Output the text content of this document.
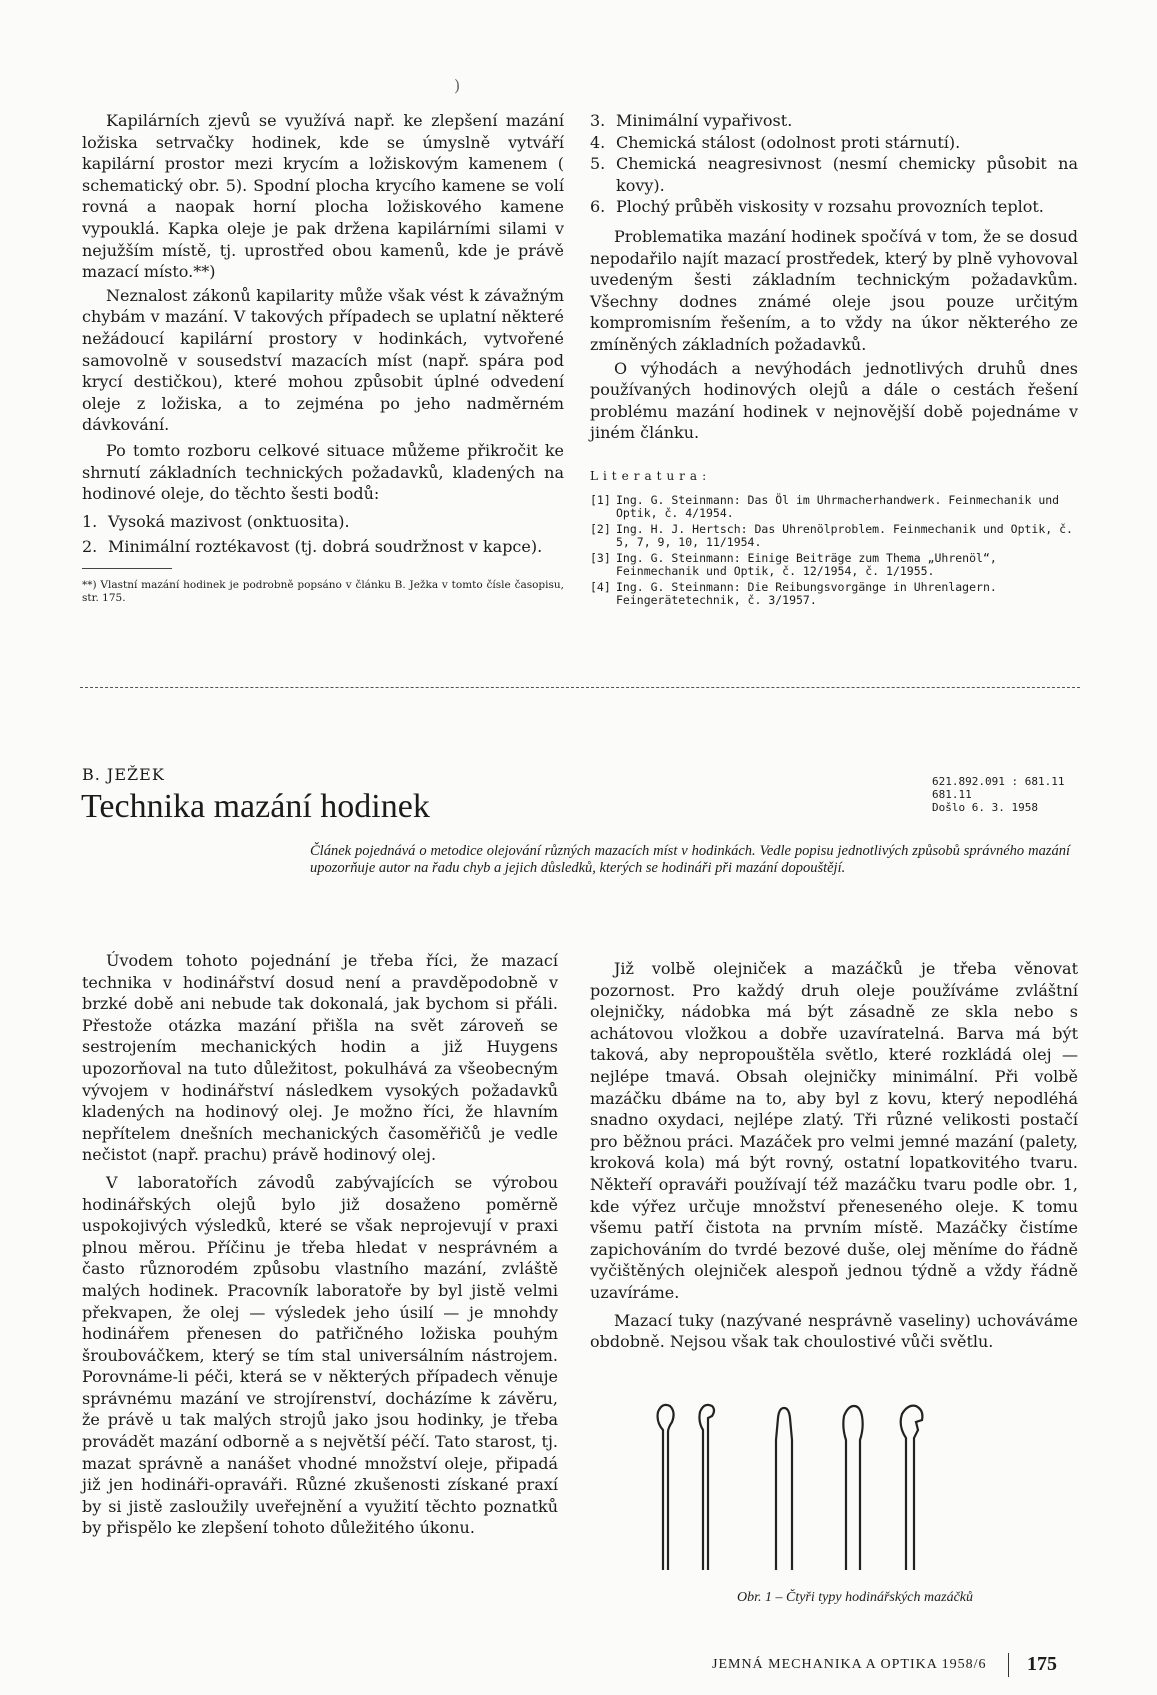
)

Kapilárních zjevů se využívá např. ke zlepšení mazání ložiska setrvačky hodinek, kde se úmyslně vytváří kapilární prostor mezi krycím a ložiskovým kamenem ( schematický obr. 5). Spodní plocha krycího kamene se volí rovná a naopak horní plocha ložiskového kamene vypouklá. Kapka oleje je pak držena kapilárními silami v nejužším místě, tj. uprostřed obou kamenů, kde je právě mazací místo.**)

Neznalost zákonů kapilarity může však vést k závažným chybám v mazání. V takových případech se uplatní některé nežádoucí kapilární prostory v hodinkách, vytvořené samovolně v sousedství mazacích míst (např. spára pod krycí destičkou), které mohou způsobit úplné odvedení oleje z ložiska, a to zejména po jeho nadměrném dávkování.

Po tomto rozboru celkové situace můžeme přikročit ke shrnutí základních technických požadavků, kladených na hodinové oleje, do těchto šesti bodů:

1. Vysoká mazivost (onktuosita).

2. Minimální roztékavost (tj. dobrá soudržnost v kapce).

**) Vlastní mazání hodinek je podrobně popsáno v článku B. Ježka v tomto čísle časopisu, str. 175.

3. Minimální vypařivost.

4. Chemická stálost (odolnost proti stárnutí).

5. Chemická neagresivnost (nesmí chemicky působit na kovy).

6. Plochý průběh viskosity v rozsahu provozních teplot.

Problematika mazání hodinek spočívá v tom, že se dosud nepodařilo najít mazací prostředek, který by plně vyhovoval uvedeným šesti základním technickým požadavkům. Všechny dodnes známé oleje jsou pouze určitým kompromisním řešením, a to vždy na úkor některého ze zmíněných základních požadavků.

O výhodách a nevýhodách jednotlivých druhů dnes používaných hodinových olejů a dále o cestách řešení problému mazání hodinek v nejnovější době pojednáme v jiném článku.

Literatura:
[1] Ing. G. Steinmann: Das Öl im Uhrmacherhandwerk. Feinmechanik und Optik, č. 4/1954.
[2] Ing. H. J. Hertsch: Das Uhrenölproblem. Feinmechanik und Optik, č. 5, 7, 9, 10, 11/1954.
[3] Ing. G. Steinmann: Einige Beiträge zum Thema „Uhrenöl“, Feinmechanik und Optik, č. 12/1954, č. 1/1955.
[4] Ing. G. Steinmann: Die Reibungsvorgänge in Uhrenlagern. Feingerätetechnik, č. 3/1957.
B. JEŽEK
Technika mazání hodinek
621.892.091 : 681.11
681.11
Došlo 6. 3. 1958
Článek pojednává o metodice olejování různých mazacích míst v hodinkách. Vedle popisu jednotlivých způsobů správného mazání upozorňuje autor na řadu chyb a jejich důsledků, kterých se hodináři při mazání dopouštějí.

Úvodem tohoto pojednání je třeba říci, že mazací technika v hodinářství dosud není a pravděpodobně v brzké době ani nebude tak dokonalá, jak bychom si přáli. Přestože otázka mazání přišla na svět zároveň se sestrojením mechanických hodin a již Huygens upozorňoval na tuto důležitost, pokulhává za všeobecným vývojem v hodinářství následkem vysokých požadavků kladených na hodinový olej. Je možno říci, že hlavním nepřítelem dnešních mechanických časoměřičů je vedle nečistot (např. prachu) právě hodinový olej.

V laboratořích závodů zabývajících se výrobou hodinářských olejů bylo již dosaženo poměrně uspokojivých výsledků, které se však neprojevují v praxi plnou měrou. Příčinu je třeba hledat v nesprávném a často různorodém způsobu vlastního mazání, zvláště malých hodinek. Pracovník laboratoře by byl jistě velmi překvapen, že olej — výsledek jeho úsilí — je mnohdy hodinářem přenesen do patřičného ložiska pouhým šroubováčkem, který se tím stal universálním nástrojem. Porovnáme-li péči, která se v některých případech věnuje správnému mazání ve strojírenství, docházíme k závěru, že právě u tak malých strojů jako jsou hodinky, je třeba provádět mazání odborně a s největší péčí. Tato starost, tj. mazat správně a nanášet vhodné množství oleje, připadá již jen hodináři-opraváři. Různé zkušenosti získané praxí by si jistě zasloužily uveřejnění a využití těchto poznatků by přispělo ke zlepšení tohoto důležitého úkonu.

Již volbě olejniček a mazáčků je třeba věnovat pozornost. Pro každý druh oleje používáme zvláštní olejničky, nádobka má být zásadně ze skla nebo s achátovou vložkou a dobře uzavíratelná. Barva má být taková, aby nepropouštěla světlo, které rozkládá olej — nejlépe tmavá. Obsah olejničky minimální. Při volbě mazáčku dbáme na to, aby byl z kovu, který nepodléhá snadno oxydaci, nejlépe zlatý. Tři různé velikosti postačí pro běžnou práci. Mazáček pro velmi jemné mazání (palety, kroková kola) má být rovný, ostatní lopatkovitého tvaru. Někteří opraváři používají též mazáčku tvaru podle obr. 1, kde výřez určuje množství přeneseného oleje. K tomu všemu patří čistota na prvním místě. Mazáčky čistíme zapichováním do tvrdé bezové duše, olej měníme do řádně vyčištěných olejniček alespoň jednou týdně a vždy řádně uzavíráme.

Mazací tuky (nazývané nesprávně vaseliny) uchováváme obdobně. Nejsou však tak choulostivé vůči světlu.

Obr. 1 – Čtyři typy hodinářských mazáčků
JEMNÁ MECHANIKA A OPTIKA 1958/6 175
